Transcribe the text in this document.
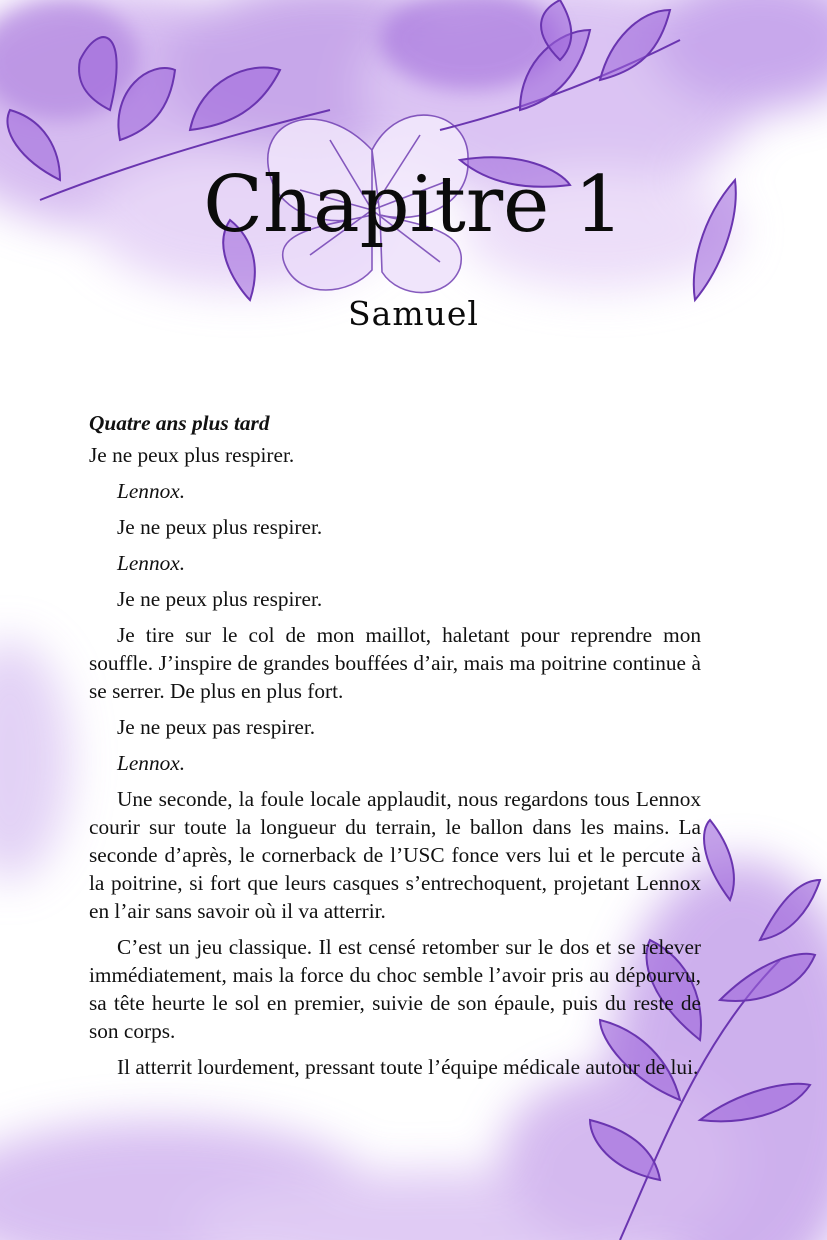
Chapitre 1
Samuel

Quatre ans plus tard

Je ne peux plus respirer.

Lennox.

Je ne peux plus respirer.

Lennox.

Je ne peux plus respirer.

Je tire sur le col de mon maillot, haletant pour reprendre mon souffle. J’inspire de grandes bouffées d’air, mais ma poitrine continue à se serrer. De plus en plus fort.

Je ne peux pas respirer.

Lennox.

Une seconde, la foule locale applaudit, nous regardons tous Lennox courir sur toute la longueur du terrain, le ballon dans les mains. La seconde d’après, le cornerback de l’USC fonce vers lui et le percute à la poitrine, si fort que leurs casques s’entrechoquent, projetant Lennox en l’air sans savoir où il va atterrir.

C’est un jeu classique. Il est censé retomber sur le dos et se relever immédiatement, mais la force du choc semble l’avoir pris au dépourvu, sa tête heurte le sol en premier, suivie de son épaule, puis du reste de son corps.

Il atterrit lourdement, pressant toute l’équipe médicale autour de lui.
